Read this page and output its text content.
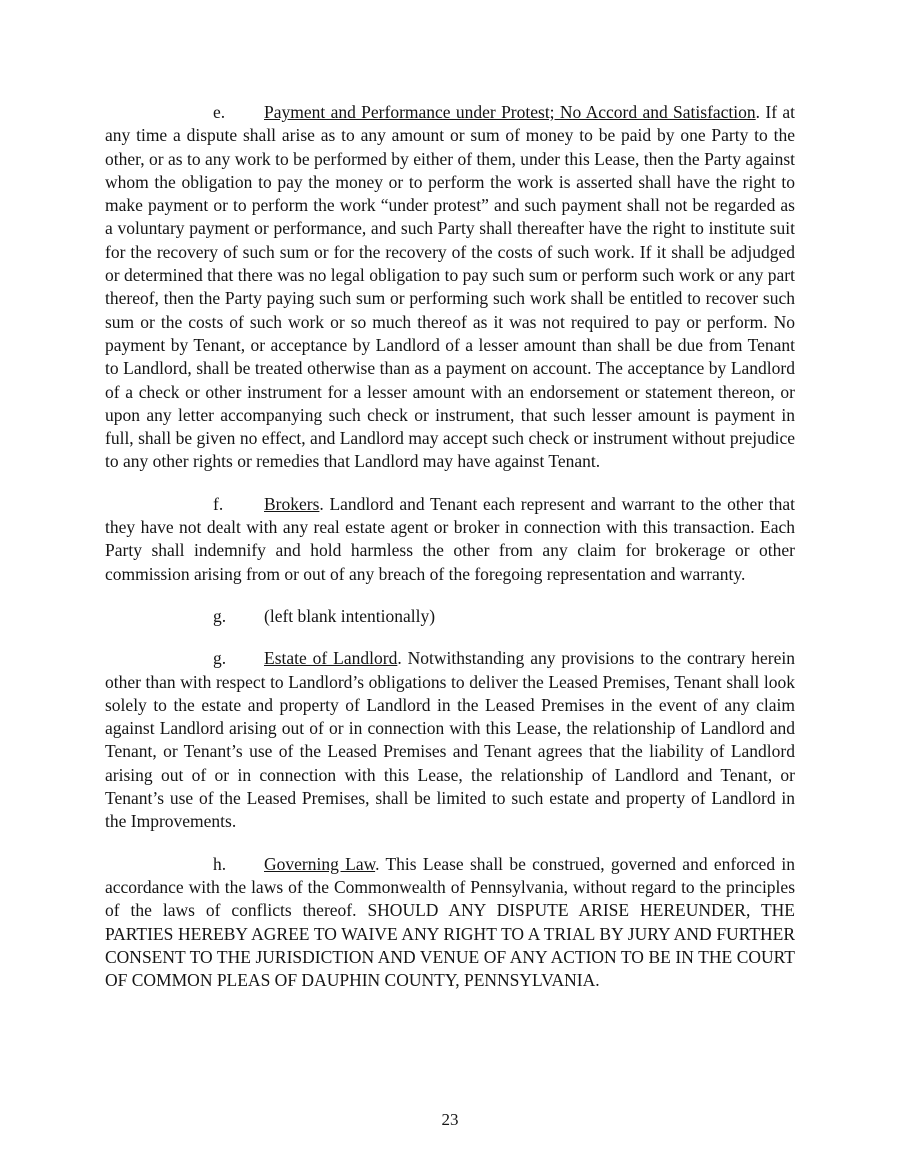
e. Payment and Performance under Protest; No Accord and Satisfaction. If at any time a dispute shall arise as to any amount or sum of money to be paid by one Party to the other, or as to any work to be performed by either of them, under this Lease, then the Party against whom the obligation to pay the money or to perform the work is asserted shall have the right to make payment or to perform the work “under protest” and such payment shall not be regarded as a voluntary payment or performance, and such Party shall thereafter have the right to institute suit for the recovery of such sum or for the recovery of the costs of such work. If it shall be adjudged or determined that there was no legal obligation to pay such sum or perform such work or any part thereof, then the Party paying such sum or performing such work shall be entitled to recover such sum or the costs of such work or so much thereof as it was not required to pay or perform. No payment by Tenant, or acceptance by Landlord of a lesser amount than shall be due from Tenant to Landlord, shall be treated otherwise than as a payment on account. The acceptance by Landlord of a check or other instrument for a lesser amount with an endorsement or statement thereon, or upon any letter accompanying such check or instrument, that such lesser amount is payment in full, shall be given no effect, and Landlord may accept such check or instrument without prejudice to any other rights or remedies that Landlord may have against Tenant.

f. Brokers. Landlord and Tenant each represent and warrant to the other that they have not dealt with any real estate agent or broker in connection with this transaction. Each Party shall indemnify and hold harmless the other from any claim for brokerage or other commission arising from or out of any breach of the foregoing representation and warranty.

g. (left blank intentionally)

g. Estate of Landlord. Notwithstanding any provisions to the contrary herein other than with respect to Landlord’s obligations to deliver the Leased Premises, Tenant shall look solely to the estate and property of Landlord in the Leased Premises in the event of any claim against Landlord arising out of or in connection with this Lease, the relationship of Landlord and Tenant, or Tenant’s use of the Leased Premises and Tenant agrees that the liability of Landlord arising out of or in connection with this Lease, the relationship of Landlord and Tenant, or Tenant’s use of the Leased Premises, shall be limited to such estate and property of Landlord in the Improvements.

h. Governing Law. This Lease shall be construed, governed and enforced in accordance with the laws of the Commonwealth of Pennsylvania, without regard to the principles of the laws of conflicts thereof. SHOULD ANY DISPUTE ARISE HEREUNDER, THE PARTIES HEREBY AGREE TO WAIVE ANY RIGHT TO A TRIAL BY JURY AND FURTHER CONSENT TO THE JURISDICTION AND VENUE OF ANY ACTION TO BE IN THE COURT OF COMMON PLEAS OF DAUPHIN COUNTY, PENNSYLVANIA.

23
